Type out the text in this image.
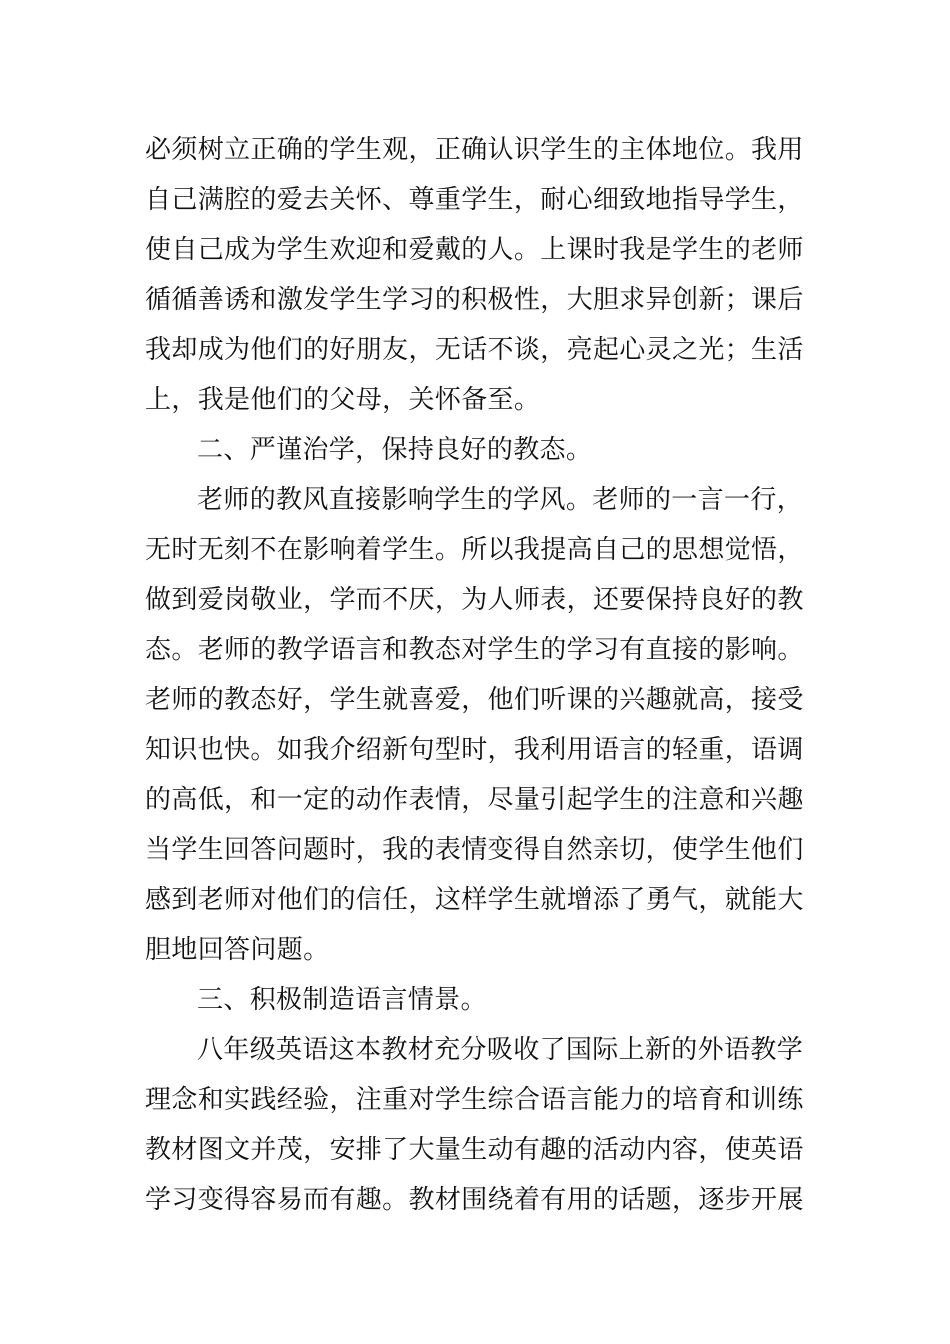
必须树立正确的学生观，正确认识学生的主体地位。我用
自己满腔的爱去关怀、尊重学生，耐心细致地指导学生，
使自己成为学生欢迎和爱戴的人。上课时我是学生的老师
循循善诱和激发学生学习的积极性，大胆求异创新；课后
我却成为他们的好朋友，无话不谈，亮起心灵之光；生活
上，我是他们的父母，关怀备至。
二、严谨治学，保持良好的教态。
老师的教风直接影响学生的学风。老师的一言一行，
无时无刻不在影响着学生。所以我提高自己的思想觉悟，
做到爱岗敬业，学而不厌，为人师表，还要保持良好的教
态。老师的教学语言和教态对学生的学习有直接的影响。
老师的教态好，学生就喜爱，他们听课的兴趣就高，接受
知识也快。如我介绍新句型时，我利用语言的轻重，语调
的高低，和一定的动作表情，尽量引起学生的注意和兴趣
当学生回答问题时，我的表情变得自然亲切，使学生他们
感到老师对他们的信任，这样学生就增添了勇气，就能大
胆地回答问题。
三、积极制造语言情景。
八年级英语这本教材充分吸收了国际上新的外语教学
理念和实践经验，注重对学生综合语言能力的培育和训练
教材图文并茂，安排了大量生动有趣的活动内容，使英语
学习变得容易而有趣。教材围绕着有用的话题，逐步开展
